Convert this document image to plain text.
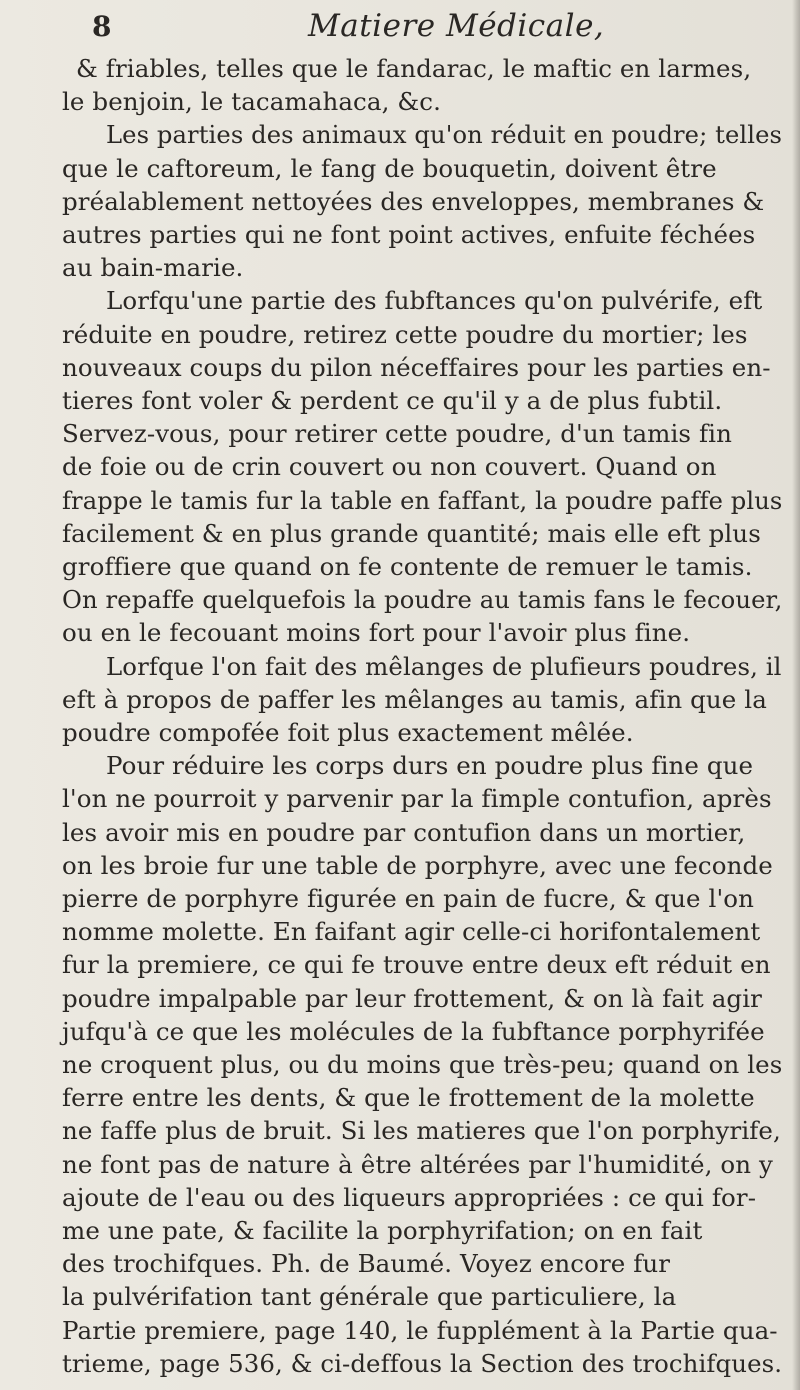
8	Matiere Médicale,
& friables, telles que le fandarac, le maftic en larmes,
le benjoin, le tacamahaca, &c.
Les parties des animaux qu'on réduit en poudre; telles
que le caftoreum, le fang de bouquetin, doivent être
préalablement nettoyées des enveloppes, membranes &
autres parties qui ne font point actives, enfuite féchées
au bain-marie.
Lorfqu'une partie des fubftances qu'on pulvérife, eft
réduite en poudre, retirez cette poudre du mortier; les
nouveaux coups du pilon néceffaires pour les parties en-
tieres font voler & perdent ce qu'il y a de plus fubtil.
Servez-vous, pour retirer cette poudre, d'un tamis fin
de foie ou de crin couvert ou non couvert. Quand on
frappe le tamis fur la table en faffant, la poudre paffe plus
facilement & en plus grande quantité; mais elle eft plus
groffiere que quand on fe contente de remuer le tamis.
On repaffe quelquefois la poudre au tamis fans le fecouer,
ou en le fecouant moins fort pour l'avoir plus fine.
Lorfque l'on fait des mêlanges de plufieurs poudres, il
eft à propos de paffer les mêlanges au tamis, afin que la
poudre compofée foit plus exactement mêlée.
Pour réduire les corps durs en poudre plus fine que
l'on ne pourroit y parvenir par la fimple contufion, après
les avoir mis en poudre par contufion dans un mortier,
on les broie fur une table de porphyre, avec une feconde
pierre de porphyre figurée en pain de fucre, & que l'on
nomme molette. En faifant agir celle-ci horifontalement
fur la premiere, ce qui fe trouve entre deux eft réduit en
poudre impalpable par leur frottement, & on là fait agir
jufqu'à ce que les molécules de la fubftance porphyrifée
ne croquent plus, ou du moins que très-peu; quand on les
ferre entre les dents, & que le frottement de la molette
ne faffe plus de bruit. Si les matieres que l'on porphyrife,
ne font pas de nature à être altérées par l'humidité, on y
ajoute de l'eau ou des liqueurs appropriées : ce qui for-
me une pate, & facilite la porphyrifation; on en fait
des trochifques. Ph. de Baumé. Voyez encore fur
la pulvérifation tant générale que particuliere, la
Partie premiere, page 140, le fupplément à la Partie qua-
trieme, page 536, & ci-deffous la Section des trochifques.
